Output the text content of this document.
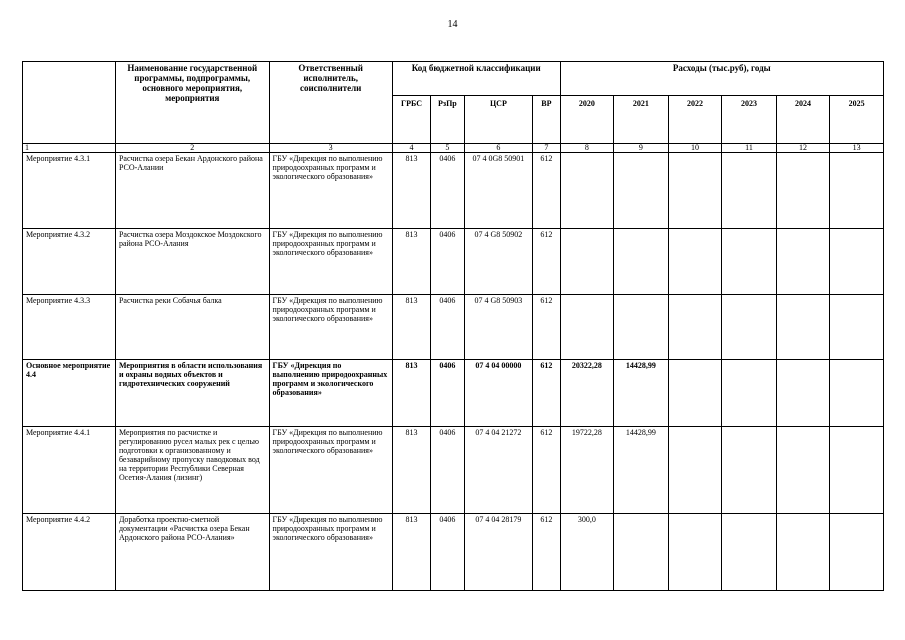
14
	Наименование государственной программы, подпрограммы, основного мероприятия, мероприятия	Ответственный исполнитель, соисполнители	Код бюджетной классификации				Расходы (тыс.руб), годы					
			ГРБС	РзПр	ЦСР	ВР	2020	2021	2022	2023	2024	2025
1	2	3	4	5	6	7	8	9	10	11	12	13
Мероприятие 4.3.1	Расчистка озера Бекан Ардонского района РСО-Алании	ГБУ «Дирекция по выполнению природоохранных программ и экологического образования»	813	0406	07 4 0G8 50901	612						
Мероприятие 4.3.2	Расчистка озера Моздокское Моздокского района РСО-Алания	ГБУ «Дирекция по выполнению природоохранных программ и экологического образования»	813	0406	07 4 G8 50902	612						
Мероприятие 4.3.3	Расчистка реки Собачья балка	ГБУ «Дирекция по выполнению природоохранных программ и экологического образования»	813	0406	07 4 G8 50903	612						
Основное мероприятие 4.4	Мероприятия в области использования и охраны водных объектов и гидротехнических сооружений	ГБУ «Дирекция по выполнению природоохранных программ и экологического образования»	813	0406	07 4 04 00000	612	20322,28	14428,99				
Мероприятие 4.4.1	Мероприятия по расчистке и регулированию русел малых рек с целью подготовки к организованному и безаварийному пропуску паводковых вод на территории Республики Северная Осетия-Алания (лизинг)	ГБУ «Дирекция по выполнению природоохранных программ и экологического образования»	813	0406	07 4 04 21272	612	19722,28	14428,99				
Мероприятие 4.4.2	Доработка проектно-сметной документации «Расчистка озера Бекан Ардонского района РСО-Алания»	ГБУ «Дирекция по выполнению природоохранных программ и экологического образования»	813	0406	07 4 04 28179	612	300,0					
